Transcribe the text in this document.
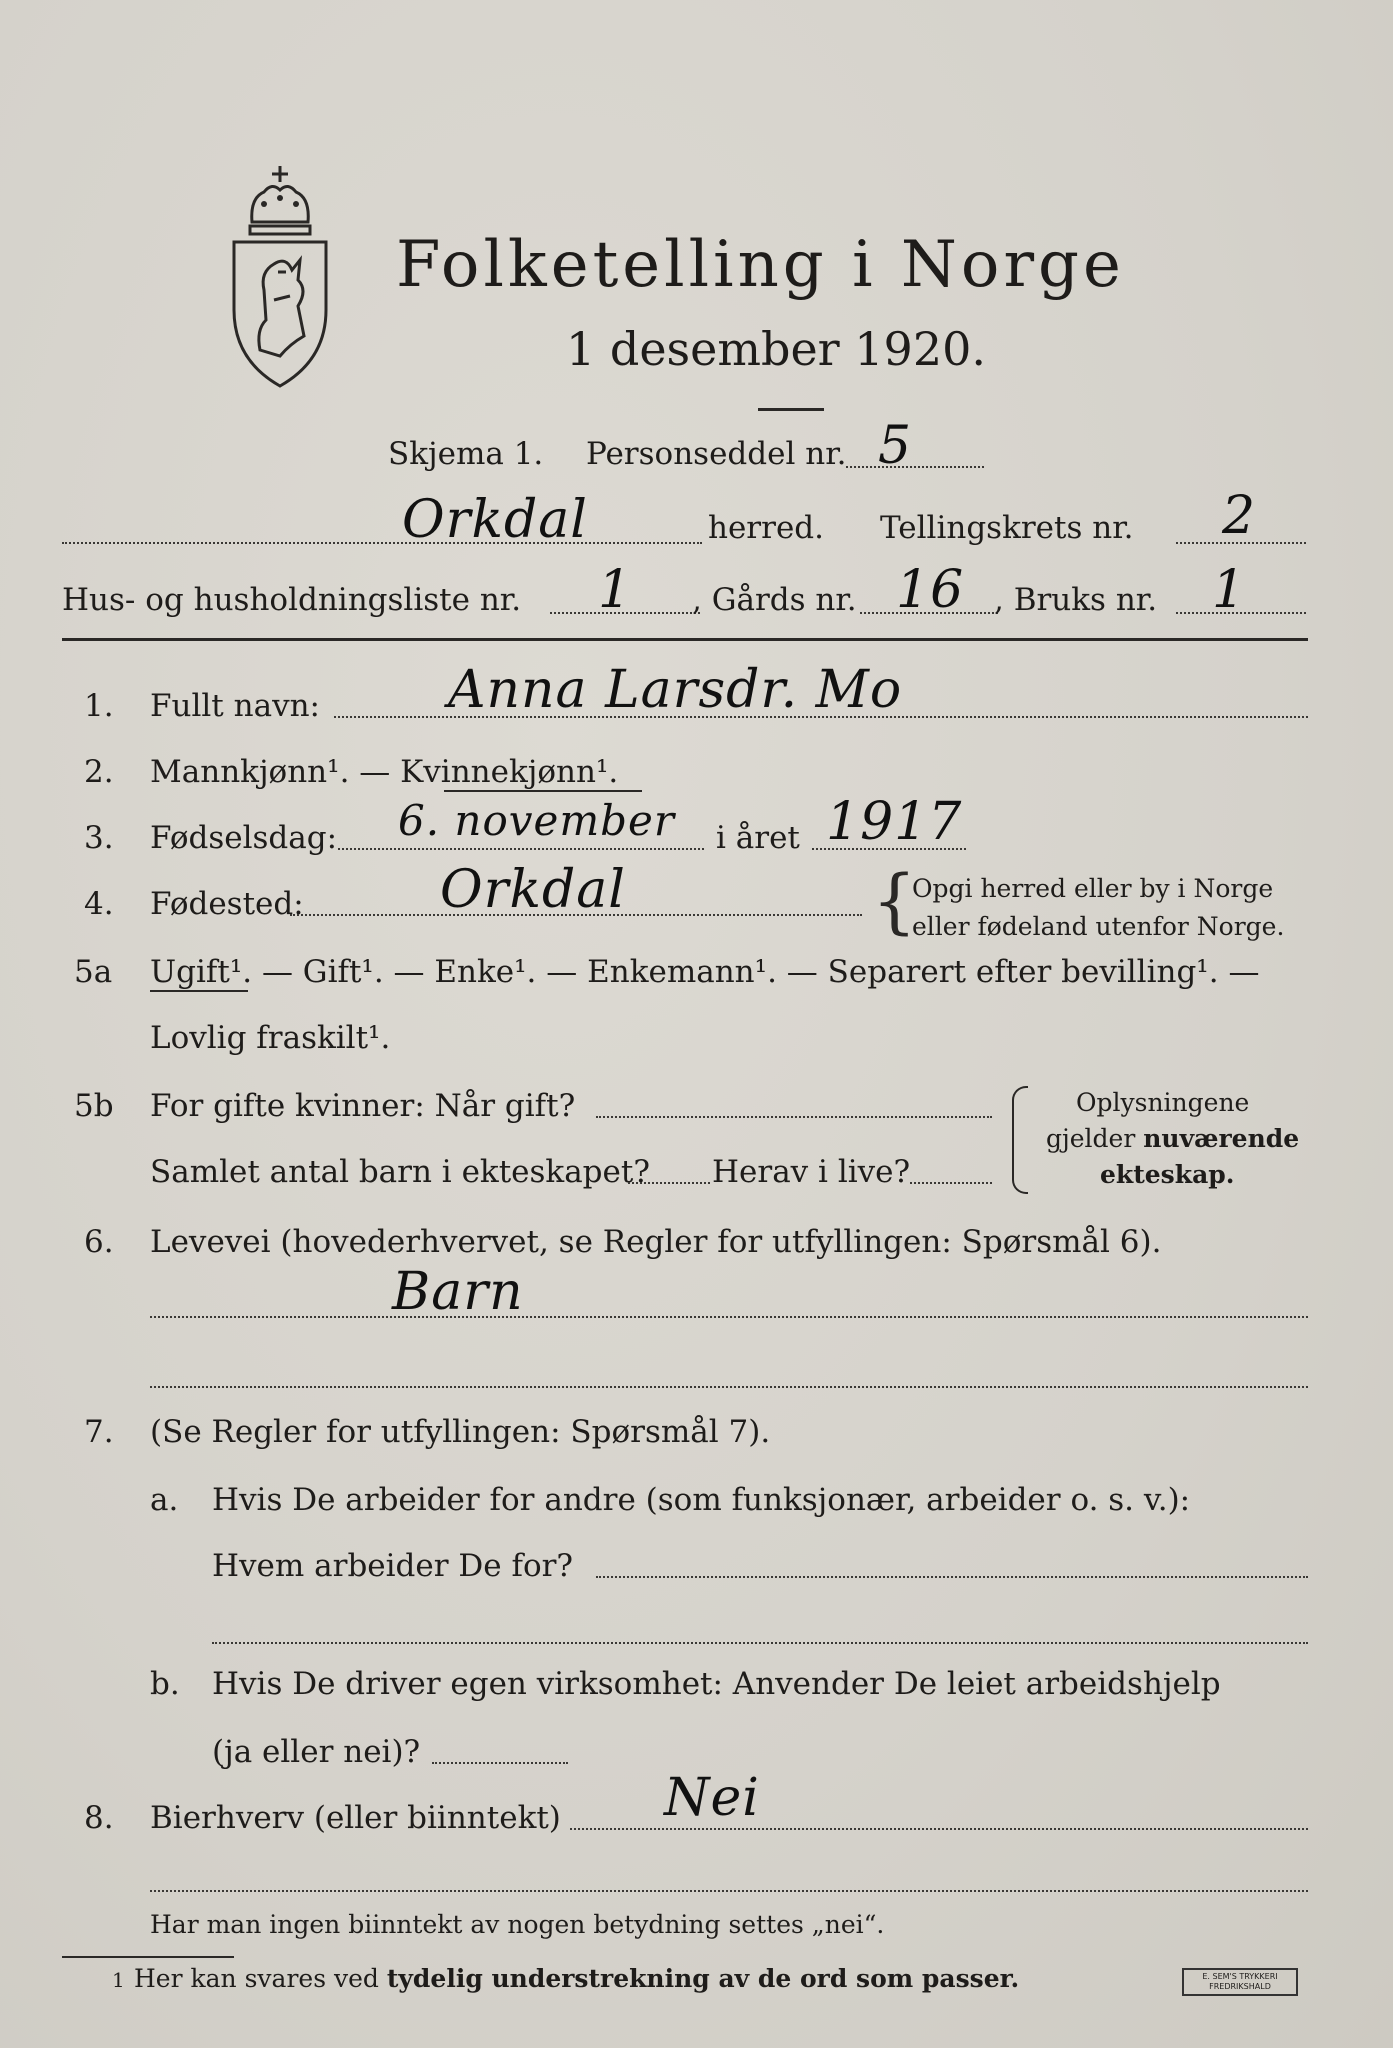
Folketelling i Norge
1 desember 1920.
Skjema 1. Personseddel nr. 5
Orkdal	herred. Tellingskrets nr. 2
Hus- og husholdningsliste nr. 1 , Gårds nr. 16 , Bruks nr. 1
1. Fullt navn: Anna Larsdr. Mo
2. Mannkjønn¹. — Kvinnekjønn¹.
3. Fødselsdag: 6. november i året 1917
4. Fødested:	Orkdal	{
Opgi herred eller by i Norge
eller fødeland utenfor Norge.
5a Ugift¹. — Gift¹. — Enke¹. — Enkemann¹. — Separert efter bevilling¹. —
Lovlig fraskilt¹.
5b For gifte kvinner: Når gift?
Samlet antal barn i ekteskapet? Herav i live?
Oplysningene
gjelder nuværende
ekteskap.
6. Levevei (hovederhvervet, se Regler for utfyllingen: Spørsmål 6).
Barn
7. (Se Regler for utfyllingen: Spørsmål 7).
a. Hvis De arbeider for andre (som funksjonær, arbeider o. s. v.):
Hvem arbeider De for?
b. Hvis De driver egen virksomhet: Anvender De leiet arbeidshjelp
(ja eller nei)?
8. Bierhverv (eller biinntekt) Nei
Har man ingen biinntekt av nogen betydning settes „nei“.
1 Her kan svares ved tydelig understrekning av de ord som passer.	E. SEM'S TRYKKERI
FREDRIKSHALD
